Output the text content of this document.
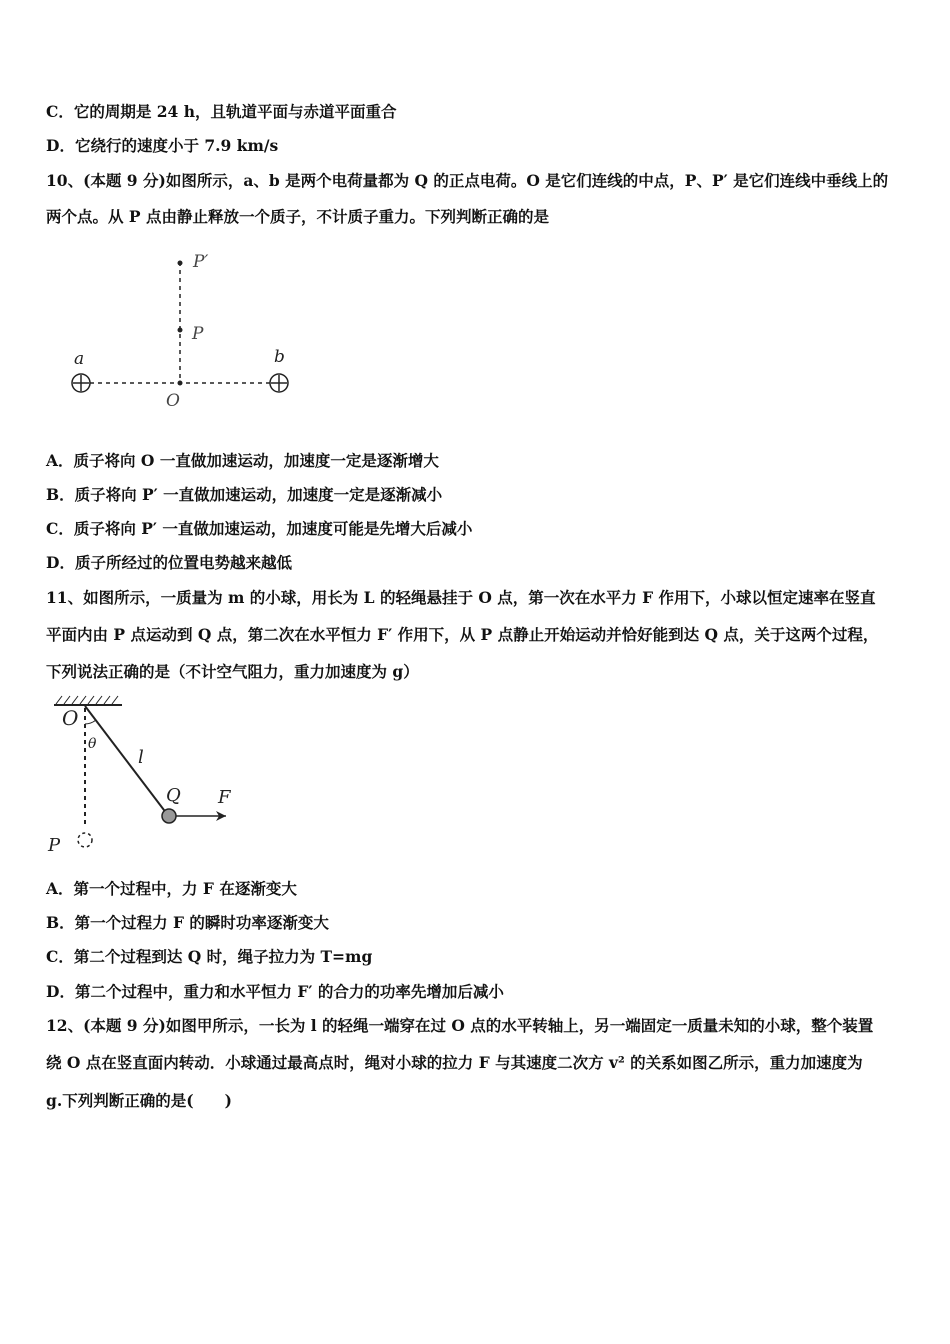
C．它的周期是 24 h，且轨道平面与赤道平面重合
D．它绕行的速度小于 7.9 km/s
10、(本题 9 分)如图所示，a、b 是两个电荷量都为 Q 的正点电荷。O 是它们连线的中点，P、P′ 是它们连线中垂线上的
两个点。从 P 点由静止释放一个质子，不计质子重力。下列判断正确的是
P′
P
a	b
O
A．质子将向 O 一直做加速运动，加速度一定是逐渐增大
B．质子将向 P′ 一直做加速运动，加速度一定是逐渐减小
C．质子将向 P′ 一直做加速运动，加速度可能是先增大后减小
D．质子所经过的位置电势越来越低
11、如图所示，一质量为 m 的小球，用长为 L 的轻绳悬挂于 O 点，第一次在水平力 F 作用下，小球以恒定速率在竖直
平面内由 P 点运动到 Q 点，第二次在水平恒力 F′ 作用下，从 P 点静止开始运动并恰好能到达 Q 点，关于这两个过程，
下列说法正确的是（不计空气阻力，重力加速度为 g）
O
θ
l
Q F
P
A．第一个过程中，力 F 在逐渐变大
B．第一个过程力 F 的瞬时功率逐渐变大
C．第二个过程到达 Q 时，绳子拉力为 T=mg
D．第二个过程中，重力和水平恒力 F′ 的合力的功率先增加后减小
12、(本题 9 分)如图甲所示，一长为 l 的轻绳一端穿在过 O 点的水平转轴上，另一端固定一质量未知的小球，整个装置
绕 O 点在竖直面内转动．小球通过最高点时，绳对小球的拉力 F 与其速度二次方 v² 的关系如图乙所示，重力加速度为
g.下列判断正确的是(　　)
